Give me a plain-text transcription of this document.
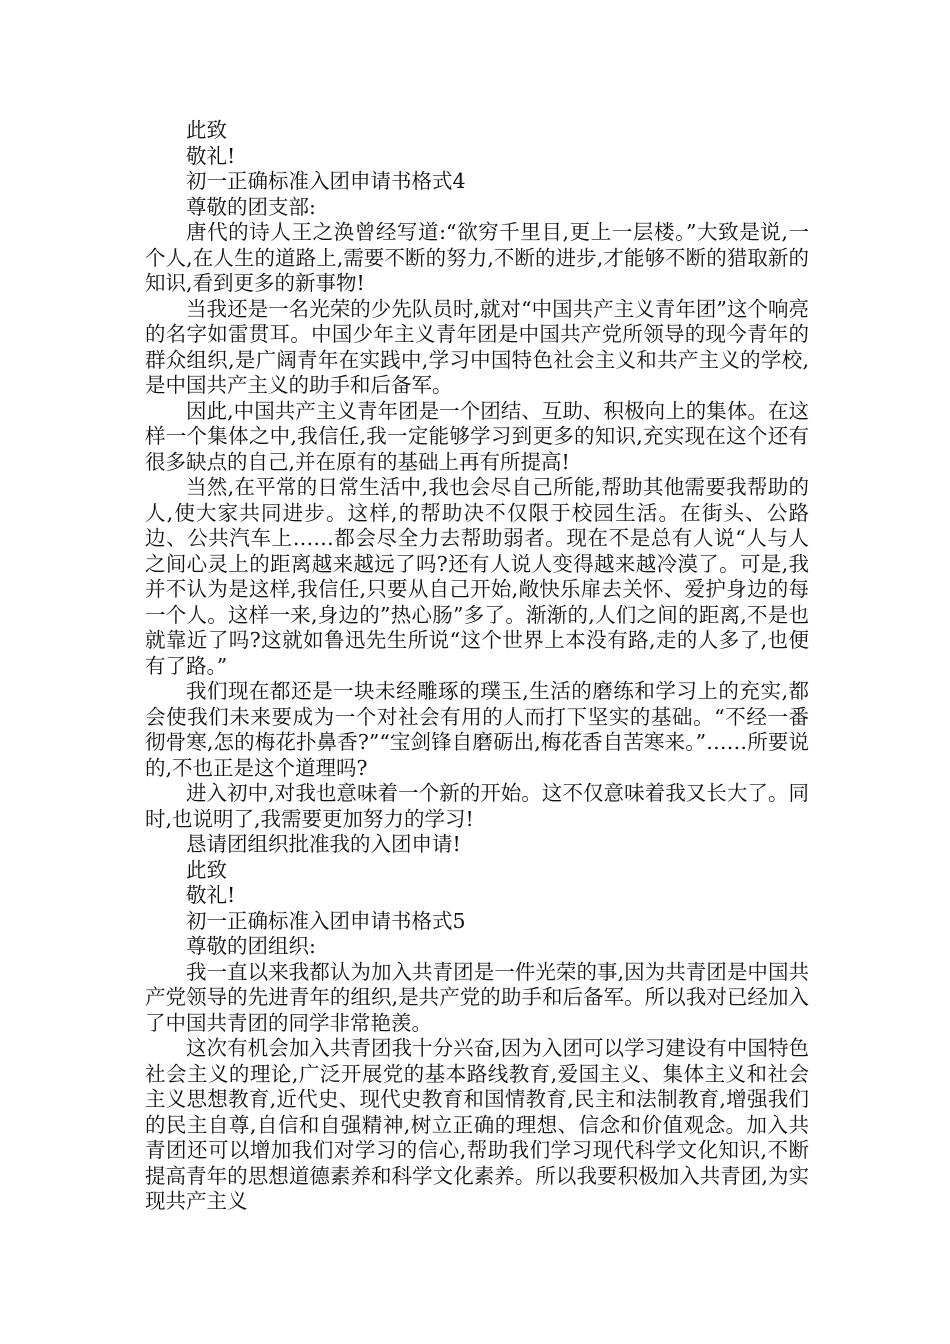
此致

敬礼!

初一正确标准入团申请书格式4

尊敬的团支部:

唐代的诗人王之涣曾经写道:“欲穷千里目,更上一层楼。”大致是说,一个人,在人生的道路上,需要不断的努力,不断的进步,才能够不断的猎取新的知识,看到更多的新事物!

当我还是一名光荣的少先队员时,就对“中国共产主义青年团”这个响亮的名字如雷贯耳。中国少年主义青年团是中国共产党所领导的现今青年的群众组织,是广阔青年在实践中,学习中国特色社会主义和共产主义的学校,是中国共产主义的助手和后备军。

因此,中国共产主义青年团是一个团结、互助、积极向上的集体。在这样一个集体之中,我信任,我一定能够学习到更多的知识,充实现在这个还有很多缺点的自己,并在原有的基础上再有所提高!

当然,在平常的日常生活中,我也会尽自己所能,帮助其他需要我帮助的人,使大家共同进步。这样,的帮助决不仅限于校园生活。在街头、公路边、公共汽车上……都会尽全力去帮助弱者。现在不是总有人说“人与人之间心灵上的距离越来越远了吗?还有人说人变得越来越冷漠了。可是,我并不认为是这样,我信任,只要从自己开始,敞快乐扉去关怀、爱护身边的每一个人。这样一来,身边的”热心肠”多了。渐渐的,人们之间的距离,不是也就靠近了吗?这就如鲁迅先生所说“这个世界上本没有路,走的人多了,也便有了路。”

我们现在都还是一块未经雕琢的璞玉,生活的磨练和学习上的充实,都会使我们未来要成为一个对社会有用的人而打下坚实的基础。“不经一番彻骨寒,怎的梅花扑鼻香?”“宝剑锋自磨砺出,梅花香自苦寒来。”……所要说的,不也正是这个道理吗?

进入初中,对我也意味着一个新的开始。这不仅意味着我又长大了。同时,也说明了,我需要更加努力的学习!

恳请团组织批准我的入团申请!

此致

敬礼!

初一正确标准入团申请书格式5

尊敬的团组织:

我一直以来我都认为加入共青团是一件光荣的事,因为共青团是中国共产党领导的先进青年的组织,是共产党的助手和后备军。所以我对已经加入了中国共青团的同学非常艳羡。

这次有机会加入共青团我十分兴奋,因为入团可以学习建设有中国特色社会主义的理论,广泛开展党的基本路线教育,爱国主义、集体主义和社会主义思想教育,近代史、现代史教育和国情教育,民主和法制教育,增强我们的民主自尊,自信和自强精神,树立正确的理想、信念和价值观念。加入共青团还可以增加我们对学习的信心,帮助我们学习现代科学文化知识,不断提高青年的思想道德素养和科学文化素养。所以我要积极加入共青团,为实现共产主义
